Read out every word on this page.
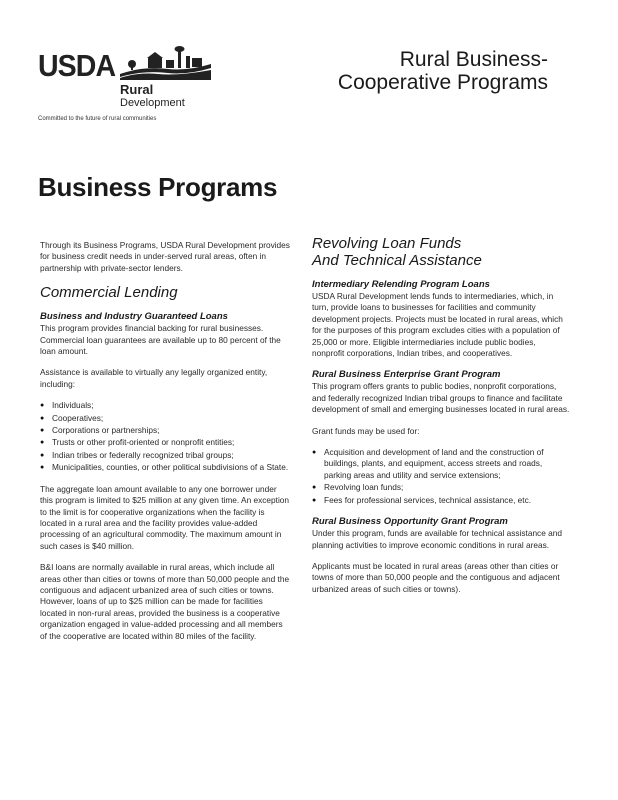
USDA
Rural
Development
Committed to the future of rural communities
Rural Business-
Cooperative Programs
Business Programs

Through its Business Programs, USDA Rural Development provides for business credit needs in under-served rural areas, often in partnership with private-sector lenders.

Commercial Lending
Business and Industry Guaranteed Loans

This program provides financial backing for rural businesses. Commercial loan guarantees are available up to 80 percent of the loan amount.

Assistance is available to virtually any legally organized entity, including:

● Individuals;
● Cooperatives;
● Corporations or partnerships;
● Trusts or other profit-oriented or nonprofit entities;
● Indian tribes or federally recognized tribal groups;
● Municipalities, counties, or other political subdivisions of a State.

The aggregate loan amount available to any one borrower under this program is limited to $25 million at any given time. An exception to the limit is for cooperative organizations when the facility is located in a rural area and the facility provides value-added processing of an agricultural commodity. The maximum amount in such cases is $40 million.

B&I loans are normally available in rural areas, which include all areas other than cities or towns of more than 50,000 people and the contiguous and adjacent urbanized area of such cities or towns. However, loans of up to $25 million can be made for facilities located in non-rural areas, provided the business is a cooperative organization engaged in value-added processing and all members of the cooperative are located within 80 miles of the facility.

Revolving Loan Funds
And Technical Assistance
Intermediary Relending Program Loans

USDA Rural Development lends funds to intermediaries, which, in turn, provide loans to businesses for facilities and community development projects. Projects must be located in rural areas, which for the purposes of this program excludes cities with a population of 25,000 or more. Eligible intermediaries include public bodies, nonprofit corporations, Indian tribes, and cooperatives.

Rural Business Enterprise Grant Program

This program offers grants to public bodies, nonprofit corporations, and federally recognized Indian tribal groups to finance and facilitate development of small and emerging businesses located in rural areas.

Grant funds may be used for:

● Acquisition and development of land and the construction of buildings, plants, and equipment, access streets and roads, parking areas and utility and service extensions;
● Revolving loan funds;
● Fees for professional services, technical assistance, etc.
Rural Business Opportunity Grant Program

Under this program, funds are available for technical assistance and planning activities to improve economic conditions in rural areas.

Applicants must be located in rural areas (areas other than cities or towns of more than 50,000 people and the contiguous and adjacent urbanized areas of such cities or towns).
